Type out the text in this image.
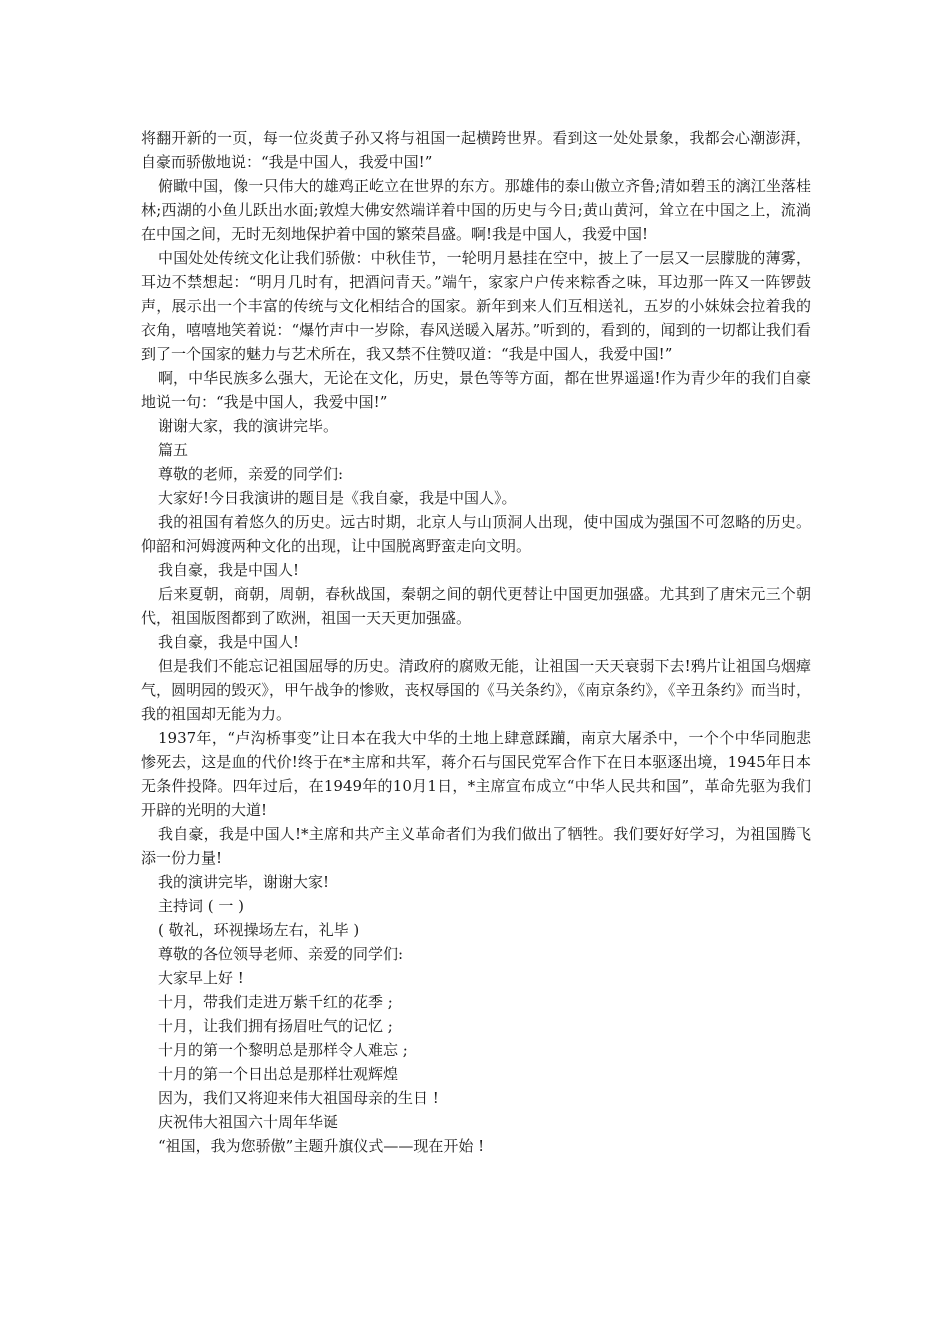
将翻开新的一页，每一位炎黄子孙又将与祖国一起横跨世界。看到这一处处景象，我都会心潮澎湃，自豪而骄傲地说：“我是中国人，我爱中国!”

俯瞰中国，像一只伟大的雄鸡正屹立在世界的东方。那雄伟的泰山傲立齐鲁;清如碧玉的漓江坐落桂林;西湖的小鱼儿跃出水面;敦煌大佛安然端详着中国的历史与今日;黄山黄河，耸立在中国之上，流淌在中国之间，无时无刻地保护着中国的繁荣昌盛。啊!我是中国人，我爱中国!

中国处处传统文化让我们骄傲：中秋佳节，一轮明月悬挂在空中，披上了一层又一层朦胧的薄雾，耳边不禁想起：“明月几时有，把酒问青天。”端午，家家户户传来粽香之味，耳边那一阵又一阵锣鼓声，展示出一个丰富的传统与文化相结合的国家。新年到来人们互相送礼，五岁的小妹妹会拉着我的衣角，嘻嘻地笑着说：“爆竹声中一岁除，春风送暖入屠苏。”听到的，看到的，闻到的一切都让我们看到了一个国家的魅力与艺术所在，我又禁不住赞叹道：“我是中国人，我爱中国!”

啊，中华民族多么强大，无论在文化，历史，景色等等方面，都在世界遥遥!作为青少年的我们自豪地说一句：“我是中国人，我爱中国!”

谢谢大家，我的演讲完毕。

篇五

尊敬的老师，亲爱的同学们:

大家好!今日我演讲的题目是《我自豪，我是中国人》。

我的祖国有着悠久的历史。远古时期，北京人与山顶洞人出现，使中国成为强国不可忽略的历史。仰韶和河姆渡两种文化的出现，让中国脱离野蛮走向文明。

我自豪，我是中国人!

后来夏朝，商朝，周朝，春秋战国，秦朝之间的朝代更替让中国更加强盛。尤其到了唐宋元三个朝代，祖国版图都到了欧洲，祖国一天天更加强盛。

我自豪，我是中国人!

但是我们不能忘记祖国屈辱的历史。清政府的腐败无能，让祖国一天天衰弱下去!鸦片让祖国乌烟瘴气，圆明园的毁灭》，甲午战争的惨败，丧权辱国的《马关条约》，《南京条约》，《辛丑条约》而当时，我的祖国却无能为力。

1937年，“卢沟桥事变”让日本在我大中华的土地上肆意蹂躏，南京大屠杀中，一个个中华同胞悲惨死去，这是血的代价!终于在*主席和共军，蒋介石与国民党军合作下在日本驱逐出境，1945年日本无条件投降。四年过后，在1949年的10月1日，*主席宣布成立“中华人民共和国”，革命先驱为我们开辟的光明的大道!

我自豪，我是中国人!*主席和共产主义革命者们为我们做出了牺牲。我们要好好学习，为祖国腾飞添一份力量!

我的演讲完毕，谢谢大家!

主持词 ( 一 )

( 敬礼，环视操场左右，礼毕 )

尊敬的各位领导老师、亲爱的同学们:

大家早上好 !

十月，带我们走进万紫千红的花季 ;

十月，让我们拥有扬眉吐气的记忆 ;

十月的第一个黎明总是那样令人难忘 ;

十月的第一个日出总是那样壮观辉煌

因为，我们又将迎来伟大祖国母亲的生日 !

庆祝伟大祖国六十周年华诞

“祖国，我为您骄傲”主题升旗仪式——现在开始 !
